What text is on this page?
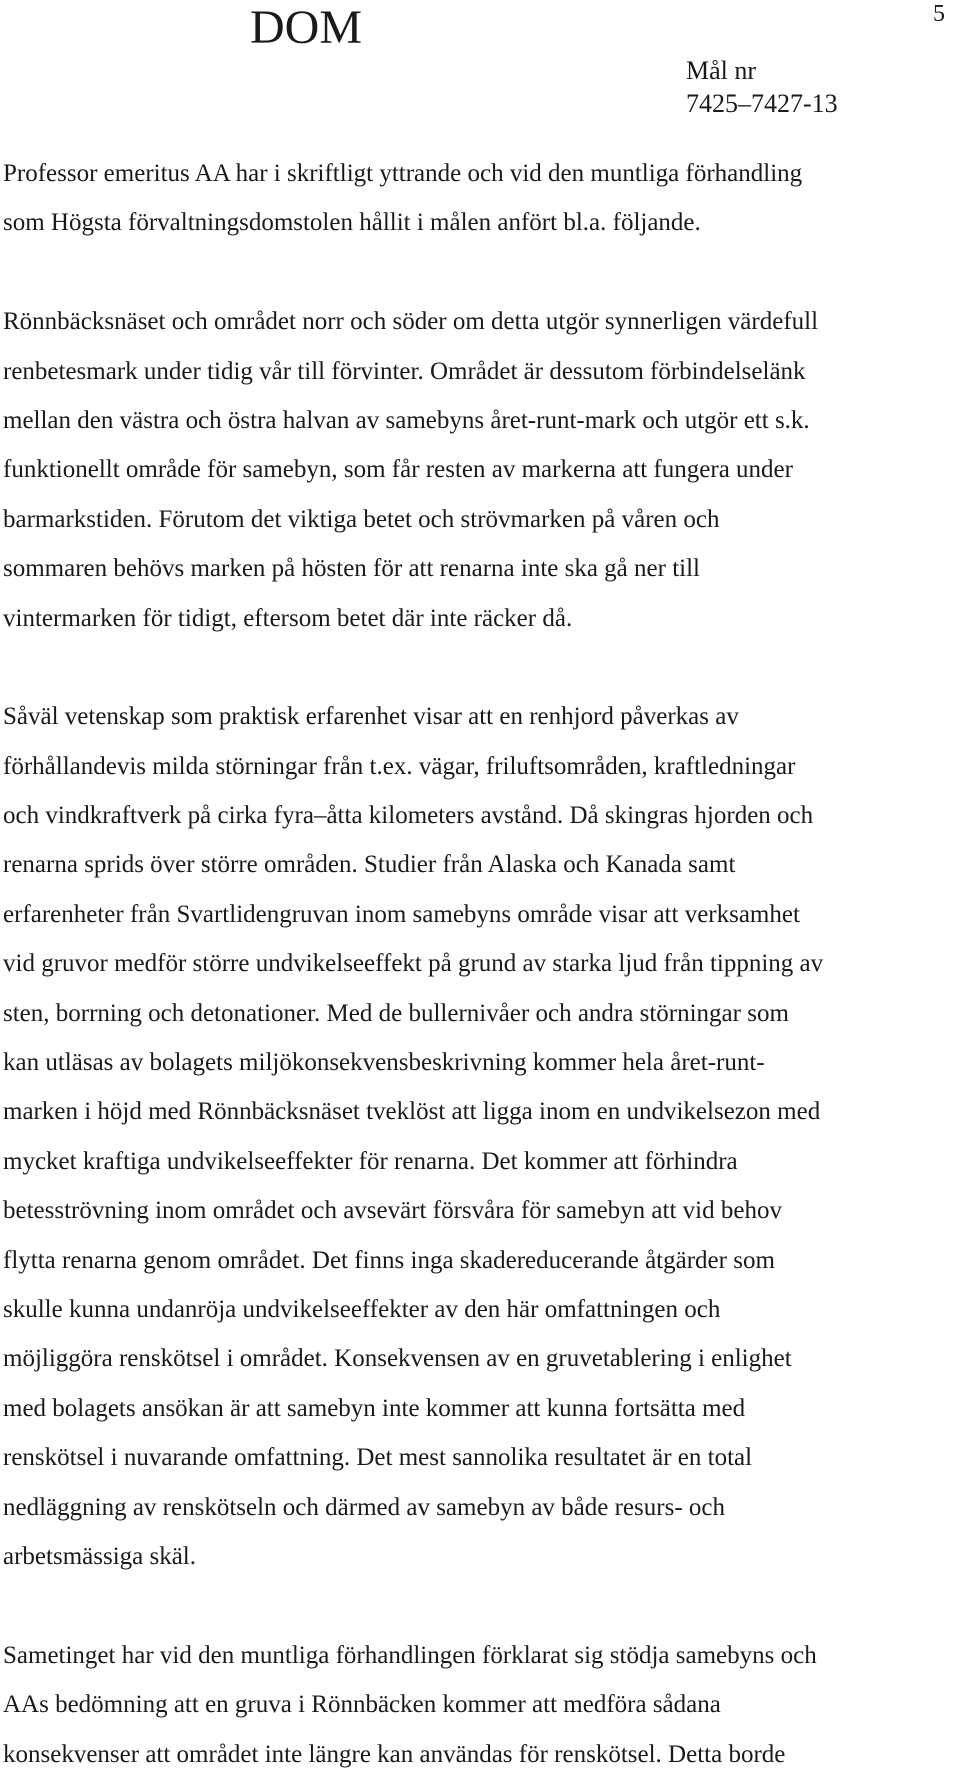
DOM	5
Mål nr
7425–7427-13
Professor emeritus AA har i skriftligt yttrande och vid den muntliga förhandling
som Högsta förvaltningsdomstolen hållit i målen anfört bl.a. följande.
Rönnbäcksnäset och området norr och söder om detta utgör synnerligen värdefull
renbetesmark under tidig vår till förvinter. Området är dessutom förbindelselänk
mellan den västra och östra halvan av samebyns året-runt-mark och utgör ett s.k.
funktionellt område för samebyn, som får resten av markerna att fungera under
barmarkstiden. Förutom det viktiga betet och strövmarken på våren och
sommaren behövs marken på hösten för att renarna inte ska gå ner till
vintermarken för tidigt, eftersom betet där inte räcker då.
Såväl vetenskap som praktisk erfarenhet visar att en renhjord påverkas av
förhållandevis milda störningar från t.ex. vägar, friluftsområden, kraftledningar
och vindkraftverk på cirka fyra–åtta kilometers avstånd. Då skingras hjorden och
renarna sprids över större områden. Studier från Alaska och Kanada samt
erfarenheter från Svartlidengruvan inom samebyns område visar att verksamhet
vid gruvor medför större undvikelseeffekt på grund av starka ljud från tippning av
sten, borrning och detonationer. Med de bullernivåer och andra störningar som
kan utläsas av bolagets miljökonsekvensbeskrivning kommer hela året-runt-
marken i höjd med Rönnbäcksnäset tveklöst att ligga inom en undvikelsezon med
mycket kraftiga undvikelseeffekter för renarna. Det kommer att förhindra
betesströvning inom området och avsevärt försvåra för samebyn att vid behov
flytta renarna genom området. Det finns inga skadereducerande åtgärder som
skulle kunna undanröja undvikelseeffekter av den här omfattningen och
möjliggöra renskötsel i området. Konsekvensen av en gruvetablering i enlighet
med bolagets ansökan är att samebyn inte kommer att kunna fortsätta med
renskötsel i nuvarande omfattning. Det mest sannolika resultatet är en total
nedläggning av renskötseln och därmed av samebyn av både resurs- och
arbetsmässiga skäl.
Sametinget har vid den muntliga förhandlingen förklarat sig stödja samebyns och
AAs bedömning att en gruva i Rönnbäcken kommer att medföra sådana
konsekvenser att området inte längre kan användas för renskötsel. Detta borde
